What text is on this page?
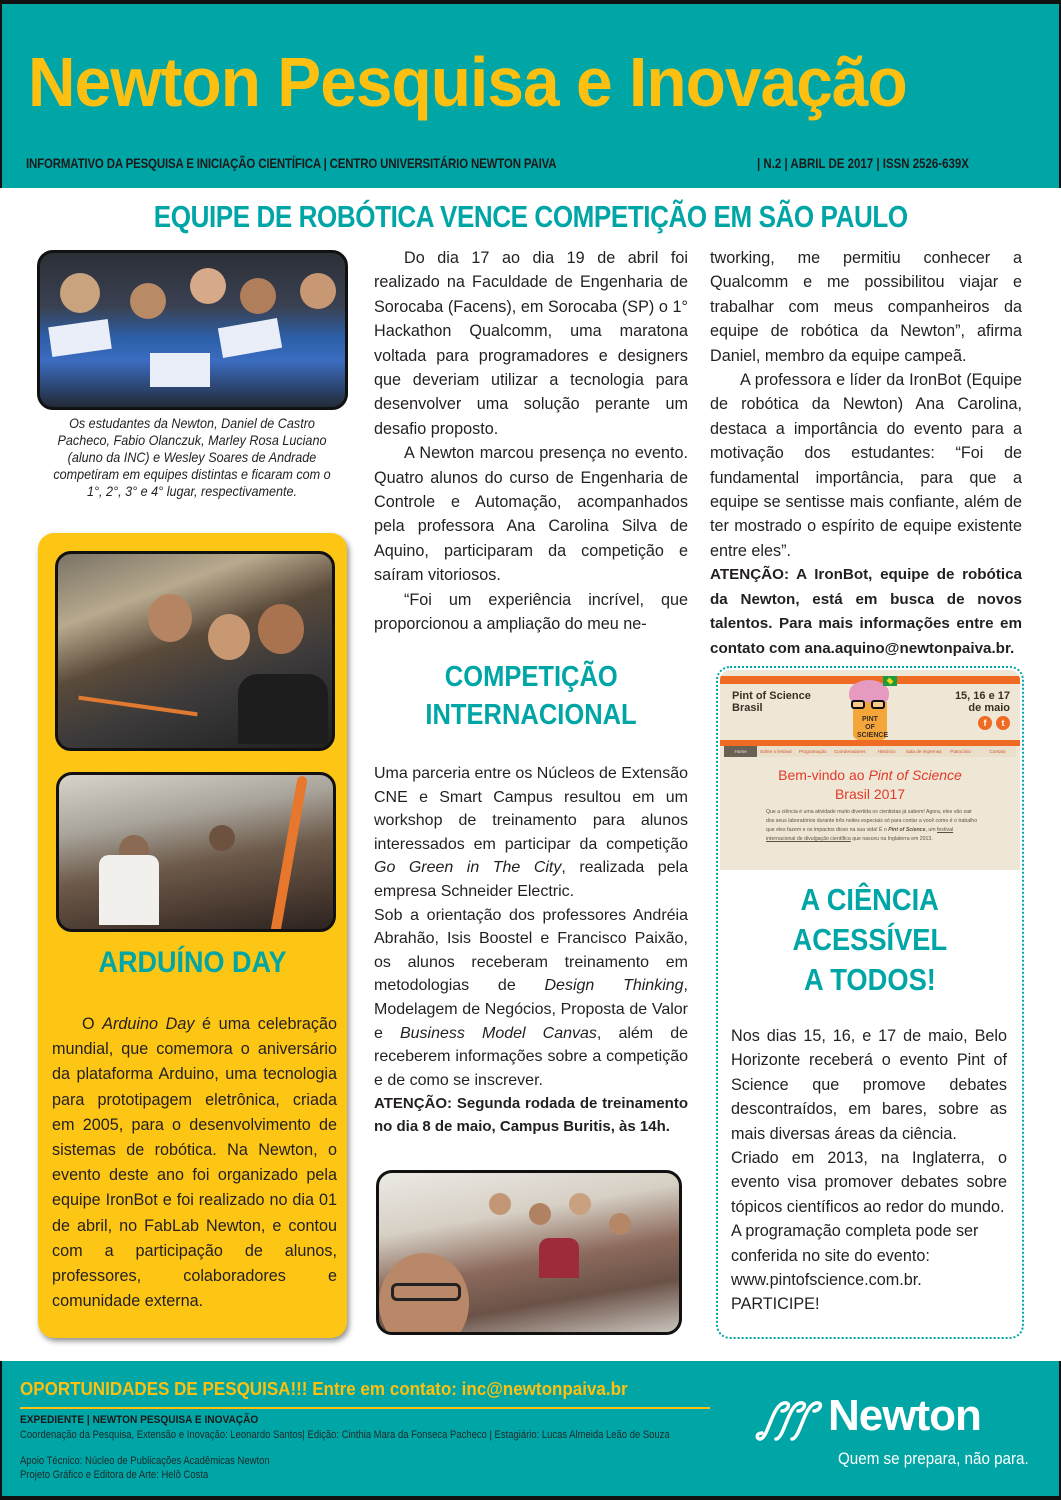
Newton Pesquisa e Inovação
INFORMATIVO DA PESQUISA E INICIAÇÃO CIENTÍFICA | CENTRO UNIVERSITÁRIO NEWTON PAIVA	| N.2 | ABRIL DE 2017 | ISSN 2526-639X
EQUIPE DE ROBÓTICA VENCE COMPETIÇÃO EM SÃO PAULO
Os estudantes da Newton, Daniel de Castro Pacheco, Fabio Olanczuk, Marley Rosa Luciano (aluno da INC) e Wesley Soares de Andrade competiram em equipes distintas e ficaram com o 1°, 2°, 3° e 4° lugar, respectivamente.
ARDUÍNO DAY
O Arduino Day é uma celebração mundial, que comemora o aniversário da plataforma Arduino, uma tecnologia para prototipagem eletrônica, criada em 2005, para o desenvolvimento de sistemas de robótica. Na Newton, o evento deste ano foi organizado pela equipe IronBot e foi realizado no dia 01 de abril, no FabLab Newton, e contou com a participação de alunos, professores, colaboradores e comunidade externa.

Do dia 17 ao dia 19 de abril foi realizado na Faculdade de Engenharia de Sorocaba (Facens), em Sorocaba (SP) o 1° Hackathon Qualcomm, uma maratona voltada para programadores e designers que deveriam utilizar a tecnologia para desenvolver uma solução perante um desafio proposto.

A Newton marcou presença no evento. Quatro alunos do curso de Engenharia de Controle e Automação, acompanhados pela professora Ana Carolina Silva de Aquino, participaram da competição e saíram vitoriosos.

“Foi um experiência incrível, que proporcionou a ampliação do meu ne-

tworking, me permitiu conhecer a Qualcomm e me possibilitou viajar e trabalhar com meus companheiros da equipe de robótica da Newton”, afirma Daniel, membro da equipe campeã.

A professora e líder da IronBot (Equipe de robótica da Newton) Ana Carolina, destaca a importância do evento para a motivação dos estudantes: “Foi de fundamental importância, para que a equipe se sentisse mais confiante, além de ter mostrado o espírito de equipe existente entre eles”.

ATENÇÃO: A IronBot, equipe de robótica da Newton, está em busca de novos talentos. Para mais informações entre em contato com ana.aquino@newtonpaiva.br.

COMPETIÇÃO
INTERNACIONAL

Uma parceria entre os Núcleos de Extensão CNE e Smart Campus resultou em um workshop de treinamento para alunos interessados em participar da competição Go Green in The City, realizada pela empresa Schneider Electric.

Sob a orientação dos professores Andréia Abrahão, Isis Boostel e Francisco Paixão, os alunos receberam treinamento em metodologias de Design Thinking, Modelagem de Negócios, Proposta de Valor e Business Model Canvas, além de receberem informações sobre a competição e de como se inscrever.

ATENÇÃO: Segunda rodada de treinamento no dia 8 de maio, Campus Buritis, às 14h.

Pint of Science
Brasil
PINT OF SCIENCE
15, 16 e 17
de maio
f	t
Home	Sobre o festival	Programação	Coordenadores	Histórico	Sala de imprensa	Patrocínio	Contato
Bem-vindo ao Pint of Science
Brasil 2017
Que a ciência é uma atividade muito divertida os cientistas já sabem! Agora, eles vão sair dos seus laboratórios durante três noites especiais só para contar a você como é o trabalho que eles fazem e os impactos disso na sua vida! É o Pint of Science, um festival internacional de divulgação científica que nasceu na Inglaterra em 2013.
A CIÊNCIA
ACESSÍVEL
A TODOS!

Nos dias 15, 16, e 17 de maio, Belo Horizonte receberá o evento Pint of Science que promove debates descontraídos, em bares, sobre as mais diversas áreas da ciência.

Criado em 2013, na Inglaterra, o evento visa promover debates sobre tópicos científicos ao redor do mundo.

A programação completa pode ser conferida no site do evento:

www.pintofscience.com.br.

PARTICIPE!

OPORTUNIDADES DE PESQUISA!!! Entre em contato: inc@newtonpaiva.br
EXPEDIENTE | NEWTON PESQUISA E INOVAÇÃO
Coordenação da Pesquisa, Extensão e Inovação: Leonardo Santos| Edição: Cinthia Mara da Fonseca Pacheco | Estagiário: Lucas Almeida Leão de Souza
Apoio Técnico: Núcleo de Publicações Acadêmicas Newton
Projeto Gráfico e Editora de Arte: Helô Costa
Newton
Quem se prepara, não para.
